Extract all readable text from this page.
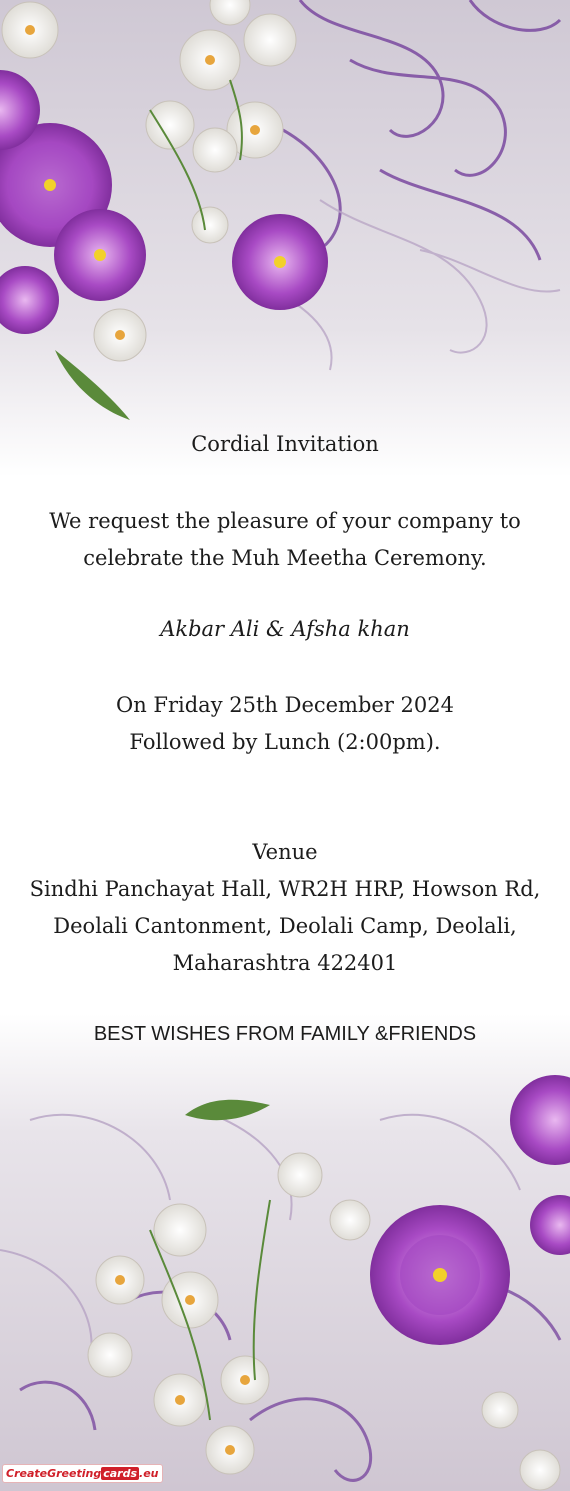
Cordial Invitation
We request the pleasure of your company to
celebrate the Muh Meetha Ceremony.
Akbar Ali & Afsha khan
On Friday 25th December 2024
Followed by Lunch (2:00pm).
Venue
Sindhi Panchayat Hall, WR2H HRP, Howson Rd,
Deolali Cantonment, Deolali Camp, Deolali,
Maharashtra 422401
BEST WISHES FROM FAMILY &FRIENDS
CreateGreeting cards .eu
